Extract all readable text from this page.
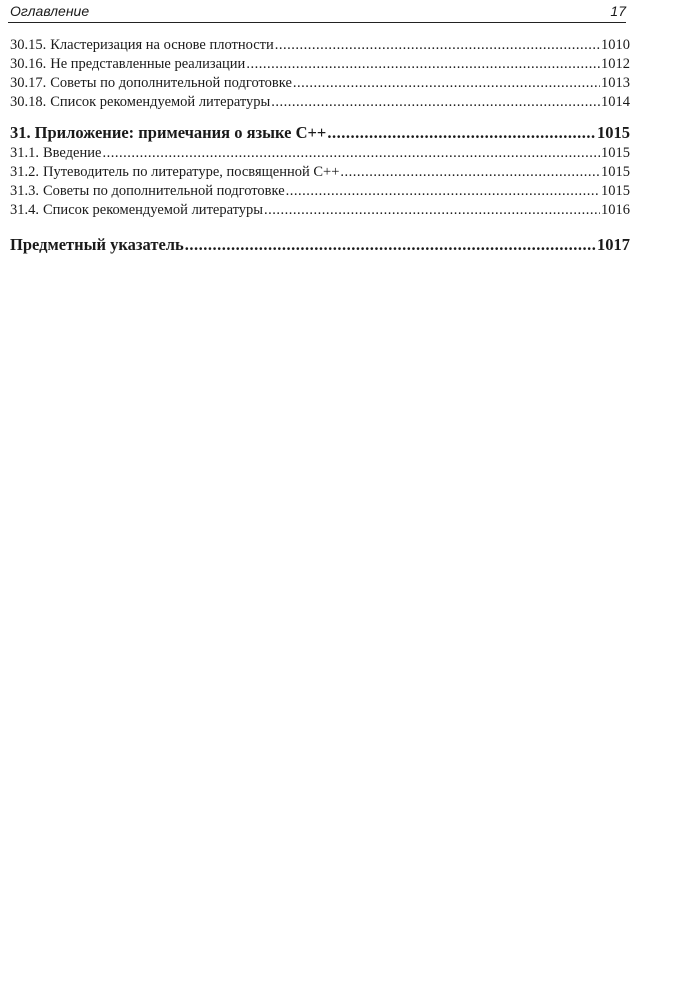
Оглавление	17
30.15. Кластеризация на основе плотности .....	1010
30.16. Не представленные реализации .....	1012
30.17. Советы по дополнительной подготовке .....	1013
30.18. Список рекомендуемой литературы .....	1014
31. Приложение: примечания о языке С++ .....	1015
31.1. Введение .....	1015
31.2. Путеводитель по литературе, посвященной С++ .....	1015
31.3. Советы по дополнительной подготовке .....	1015
31.4. Список рекомендуемой литературы .....	1016
Предметный указатель .....	1017
